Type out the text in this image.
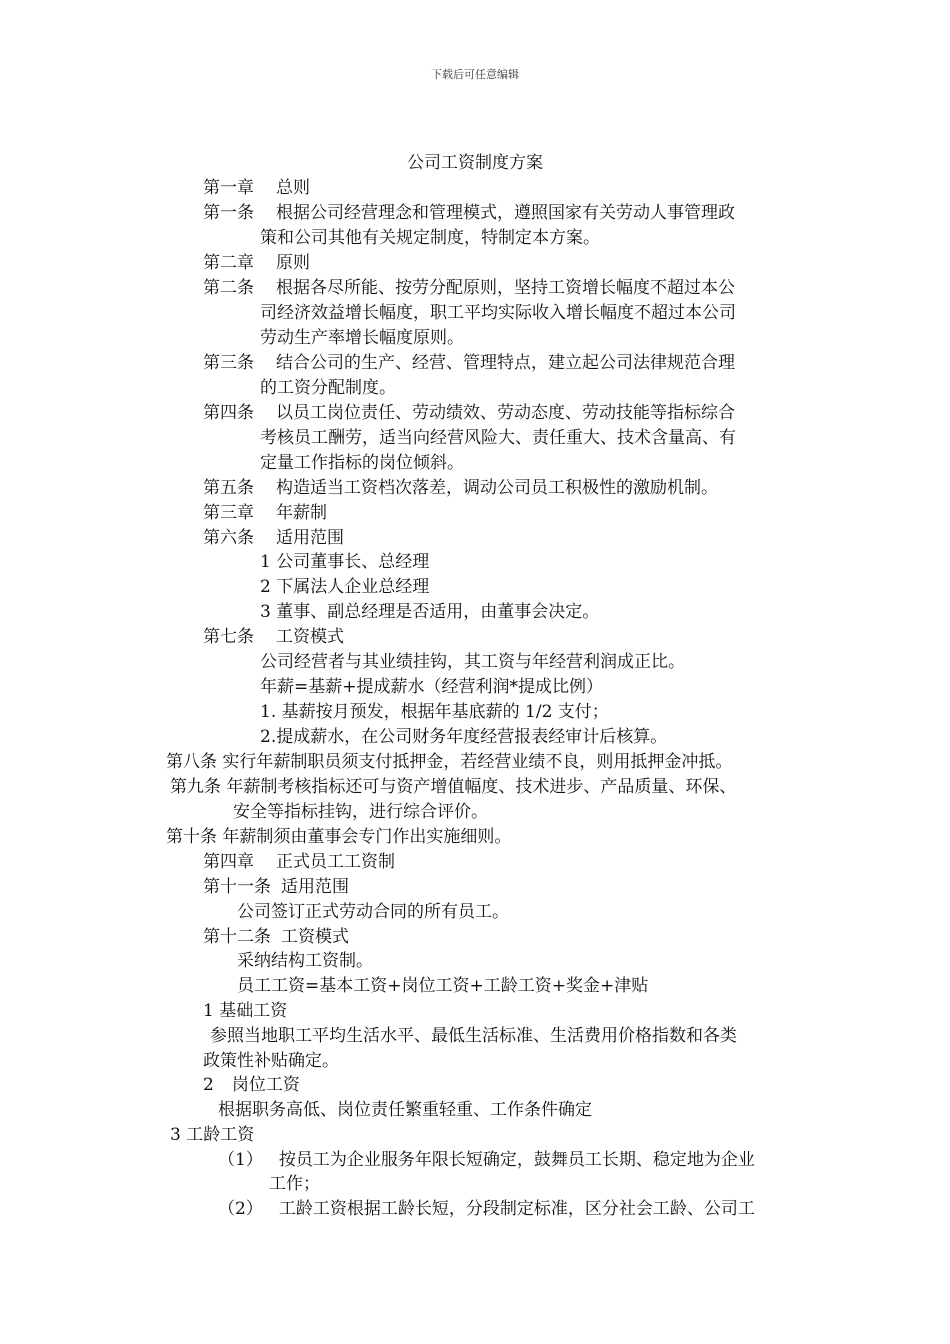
下载后可任意编辑
公司工资制度方案
第一章 总则
第一条 根据公司经营理念和管理模式，遵照国家有关劳动人事管理政
策和公司其他有关规定制度，特制定本方案。
第二章 原则
第二条 根据各尽所能、按劳分配原则，坚持工资增长幅度不超过本公
司经济效益增长幅度，职工平均实际收入增长幅度不超过本公司
劳动生产率增长幅度原则。
第三条 结合公司的生产、经营、管理特点，建立起公司法律规范合理
的工资分配制度。
第四条 以员工岗位责任、劳动绩效、劳动态度、劳动技能等指标综合
考核员工酬劳，适当向经营风险大、责任重大、技术含量高、有
定量工作指标的岗位倾斜。
第五条 构造适当工资档次落差，调动公司员工积极性的激励机制。
第三章 年薪制
第六条 适用范围
1 公司董事长、总经理
2 下属法人企业总经理
3 董事、副总经理是否适用，由董事会决定。
第七条 工资模式
公司经营者与其业绩挂钩，其工资与年经营利润成正比。
年薪=基薪+提成薪水（经营利润*提成比例）
1. 基薪按月预发，根据年基底薪的 1/2 支付；
2.提成薪水，在公司财务年度经营报表经审计后核算。
第八条 实行年薪制职员须支付抵押金，若经营业绩不良，则用抵押金冲抵。
第九条 年薪制考核指标还可与资产增值幅度、技术进步、产品质量、环保、
安全等指标挂钩，进行综合评价。
第十条 年薪制须由董事会专门作出实施细则。
第四章 正式员工工资制
第十一条 适用范围
公司签订正式劳动合同的所有员工。
第十二条 工资模式
采纳结构工资制。
员工工资=基本工资+岗位工资+工龄工资+奖金+津贴
1 基础工资
参照当地职工平均生活水平、最低生活标准、生活费用价格指数和各类
政策性补贴确定。
2 岗位工资
根据职务高低、岗位责任繁重轻重、工作条件确定
3 工龄工资
（1） 按员工为企业服务年限长短确定，鼓舞员工长期、稳定地为企业
工作；
（2） 工龄工资根据工龄长短，分段制定标准，区分社会工龄、公司工
